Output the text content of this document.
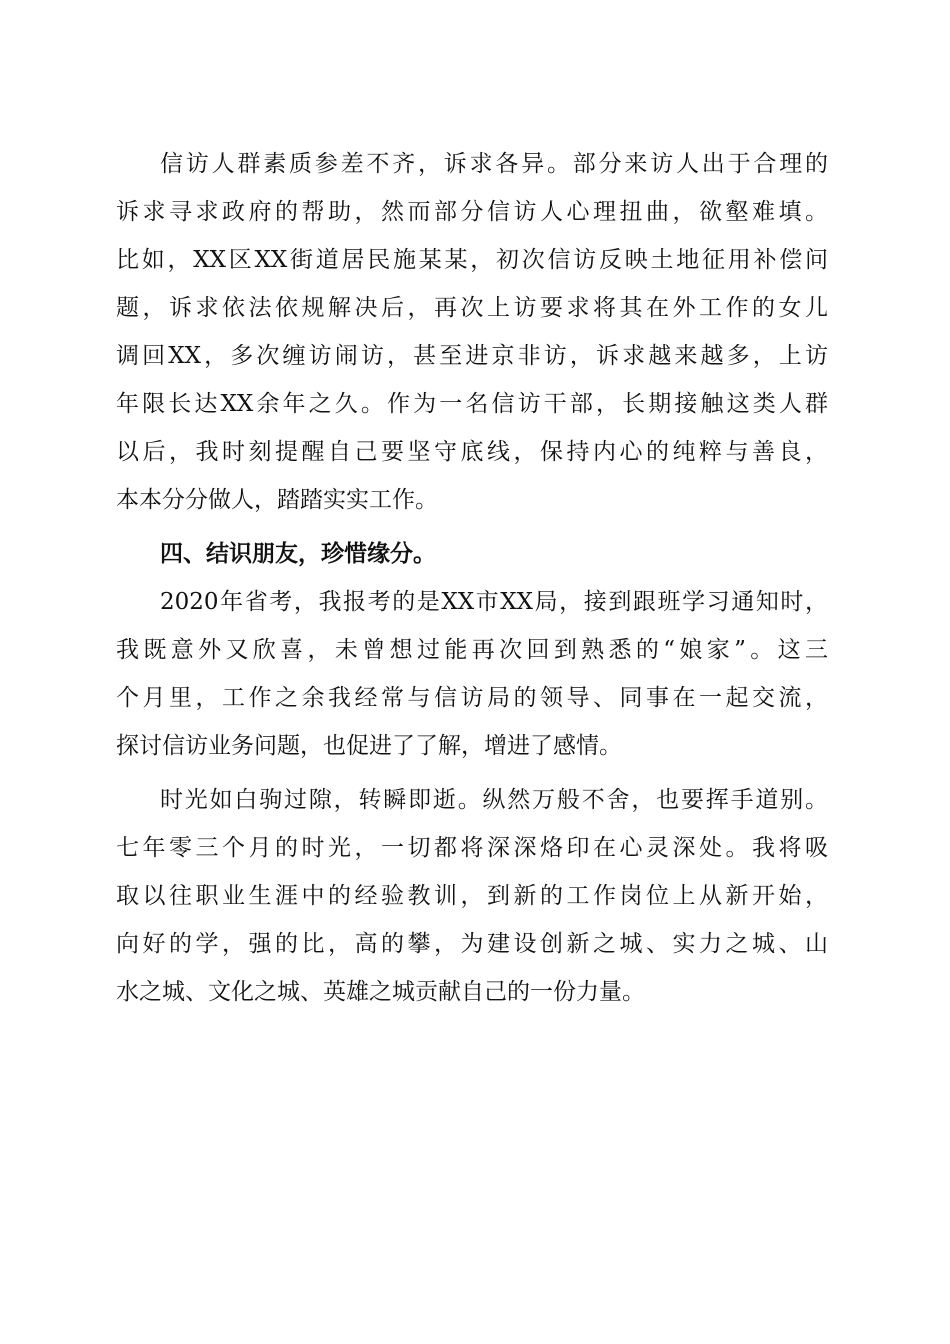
信访人群素质参差不齐，诉求各异。部分来访人出于合理的
诉求寻求政府的帮助，然而部分信访人心理扭曲，欲壑难填。
比如，XX区XX街道居民施某某，初次信访反映土地征用补偿问
题，诉求依法依规解决后，再次上访要求将其在外工作的女儿
调回XX，多次缠访闹访，甚至进京非访，诉求越来越多，上访
年限长达XX余年之久。作为一名信访干部，长期接触这类人群
以后，我时刻提醒自己要坚守底线，保持内心的纯粹与善良，
本本分分做人，踏踏实实工作。
四、结识朋友，珍惜缘分。
2020年省考，我报考的是XX市XX局，接到跟班学习通知时，
我既意外又欣喜，未曾想过能再次回到熟悉的“娘家”。这三
个月里，工作之余我经常与信访局的领导、同事在一起交流，
探讨信访业务问题，也促进了了解，增进了感情。
时光如白驹过隙，转瞬即逝。纵然万般不舍，也要挥手道别。
七年零三个月的时光，一切都将深深烙印在心灵深处。我将吸
取以往职业生涯中的经验教训，到新的工作岗位上从新开始，
向好的学，强的比，高的攀，为建设创新之城、实力之城、山
水之城、文化之城、英雄之城贡献自己的一份力量。
